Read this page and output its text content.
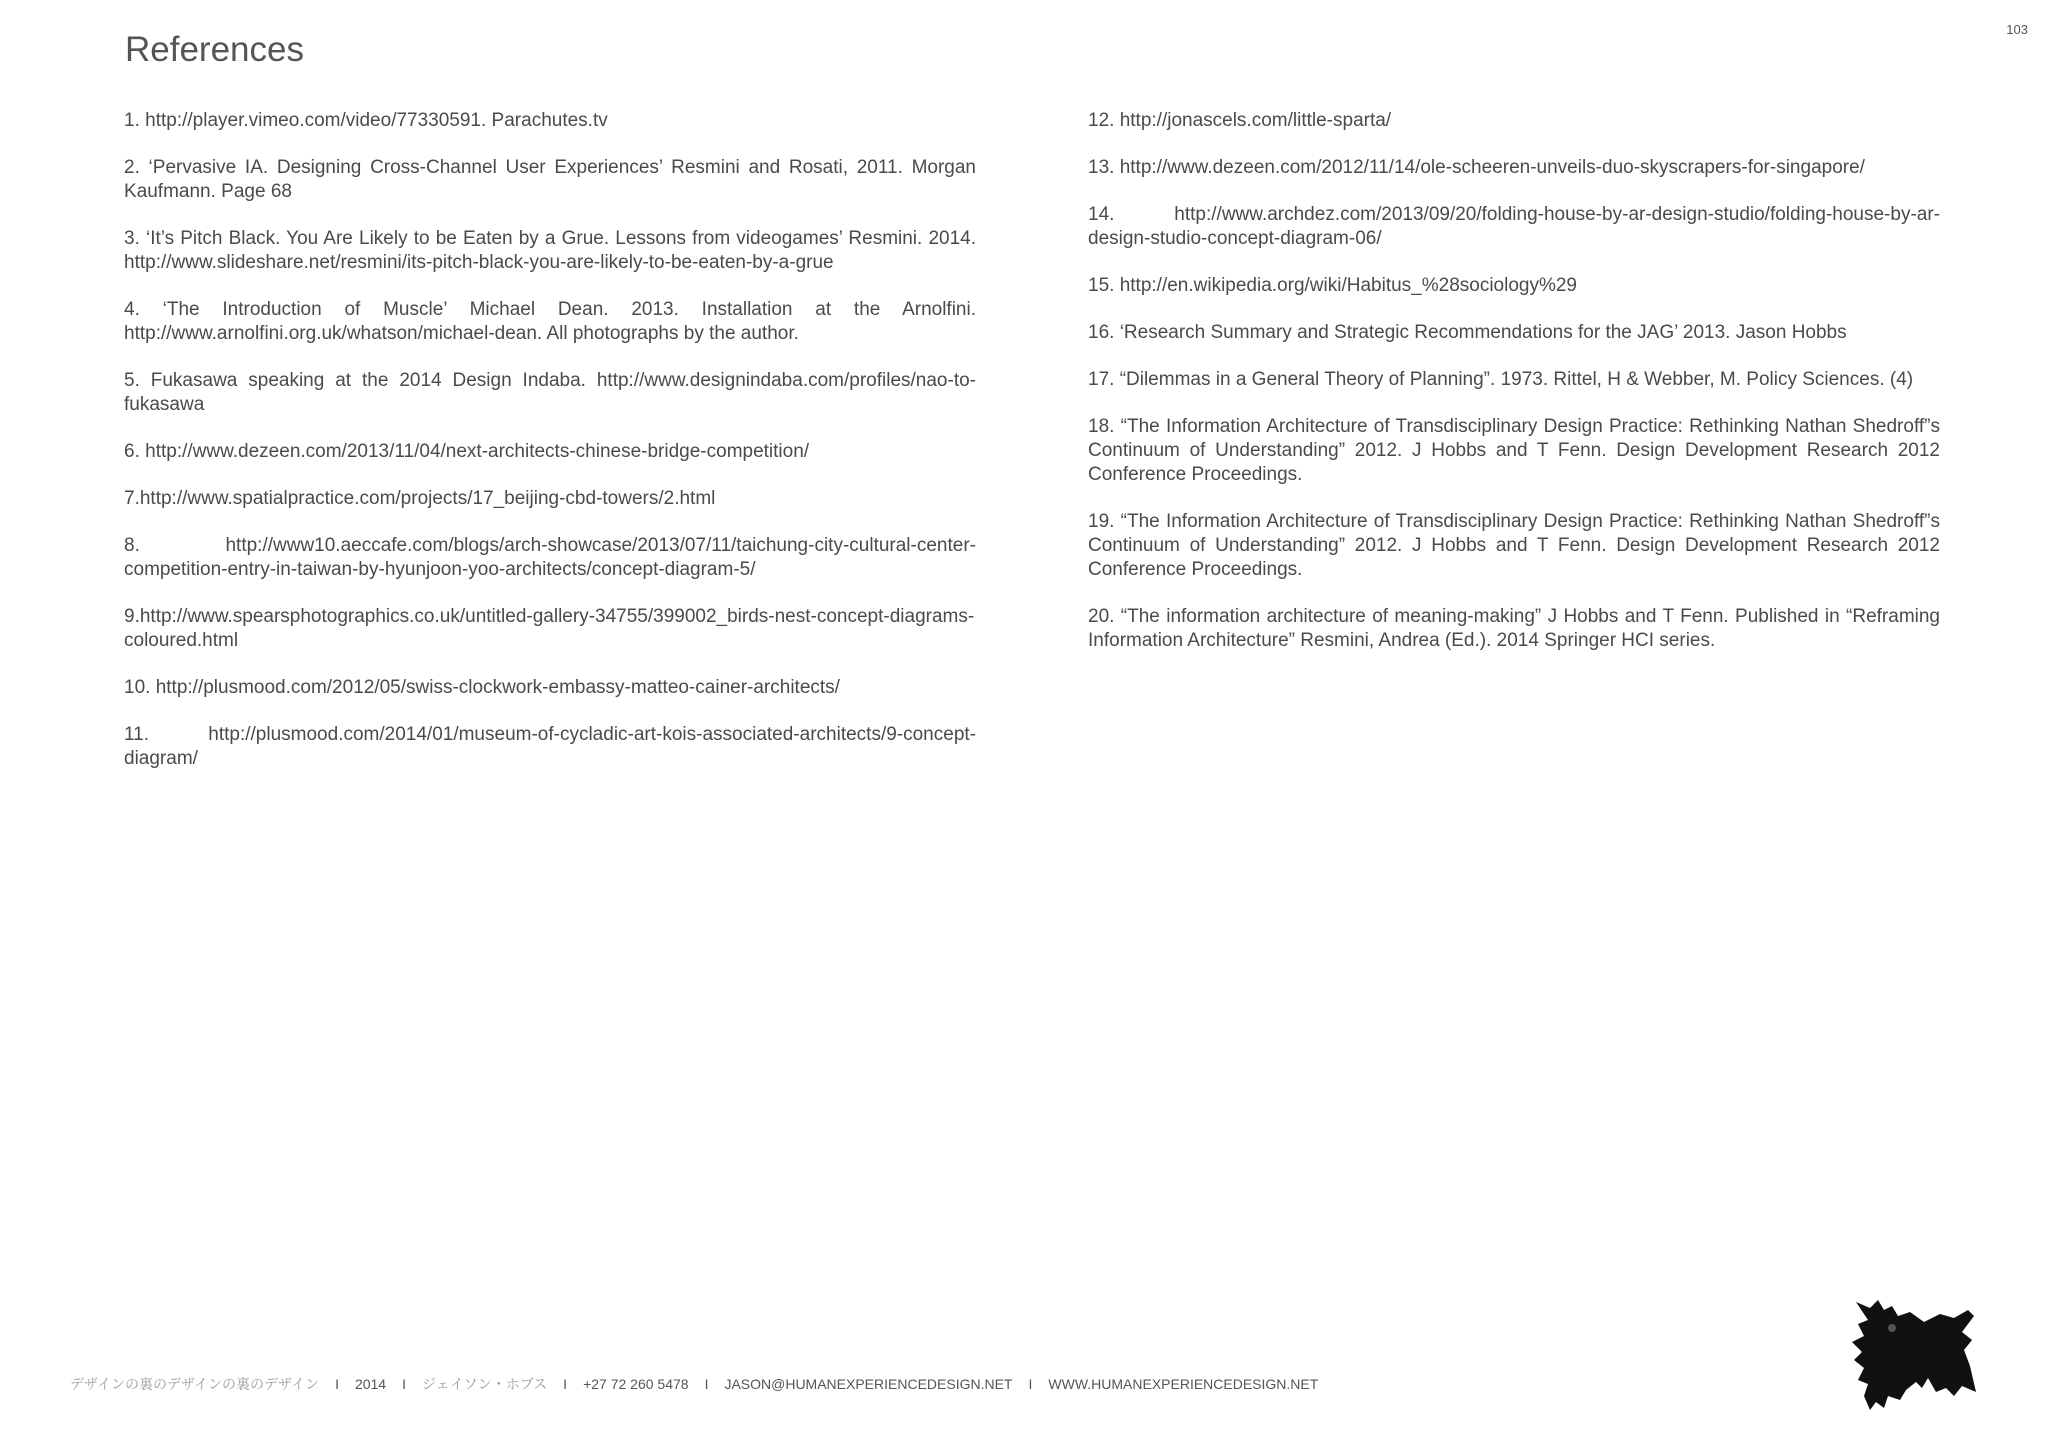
103
References
1. http://player.vimeo.com/video/77330591. Parachutes.tv
2. ‘Pervasive IA. Designing Cross-Channel User Experiences’ Resmini and Rosati, 2011. Morgan Kaufmann. Page 68
3. ‘It’s Pitch Black. You Are Likely to be Eaten by a Grue. Lessons from videogames’ Resmini. 2014. http://www.slideshare.net/resmini/its-pitch-black-you-are-likely-to-be-eaten-by-a-grue
4. ‘The Introduction of Muscle’ Michael Dean. 2013. Installation at the Arnolfini. http://www.arnolfini.org.uk/whatson/michael-dean. All photographs by the author.
5. Fukasawa speaking at the 2014 Design Indaba. http://www.designindaba.com/profiles/nao-to-fukasawa
6. http://www.dezeen.com/2013/11/04/next-architects-chinese-bridge-competition/
7.http://www.spatialpractice.com/projects/17_beijing-cbd-towers/2.html
8. http://www10.aeccafe.com/blogs/arch-showcase/2013/07/11/taichung-city-cultural-center-competition-entry-in-taiwan-by-hyunjoon-yoo-architects/concept-diagram-5/
9.http://www.spearsphotographics.co.uk/untitled-gallery-34755/399002_birds-nest-concept-diagrams-coloured.html
10. http://plusmood.com/2012/05/swiss-clockwork-embassy-matteo-cainer-architects/
11. http://plusmood.com/2014/01/museum-of-cycladic-art-kois-associated-architects/9-concept-diagram/
12. http://jonascels.com/little-sparta/
13. http://www.dezeen.com/2012/11/14/ole-scheeren-unveils-duo-skyscrapers-for-singapore/
14. http://www.archdez.com/2013/09/20/folding-house-by-ar-design-studio/folding-house-by-ar-design-studio-concept-diagram-06/
15. http://en.wikipedia.org/wiki/Habitus_%28sociology%29
16. ‘Research Summary and Strategic Recommendations for the JAG’ 2013. Jason Hobbs
17. “Dilemmas in a General Theory of Planning”. 1973. Rittel, H & Webber, M. Policy Sciences. (4)
18. “The Information Architecture of Transdisciplinary Design Practice: Rethinking Nathan Shedroff”s Continuum of Understanding” 2012. J Hobbs and T Fenn. Design Development Research 2012 Conference Proceedings.
19. “The Information Architecture of Transdisciplinary Design Practice: Rethinking Nathan Shedroff”s Continuum of Understanding” 2012. J Hobbs and T Fenn. Design Development Research 2012 Conference Proceedings.
20. “The information architecture of meaning-making” J Hobbs and T Fenn. Published in “Reframing Information Architecture” Resmini, Andrea (Ed.). 2014 Springer HCI series.
デザインの裏のデザインの裏のデザイン I 2014 I ジェイソン・ホブス I +27 72 260 5478 I JASON@HUMANEXPERIENCEDESIGN.NET I WWW.HUMANEXPERIENCEDESIGN.NET
